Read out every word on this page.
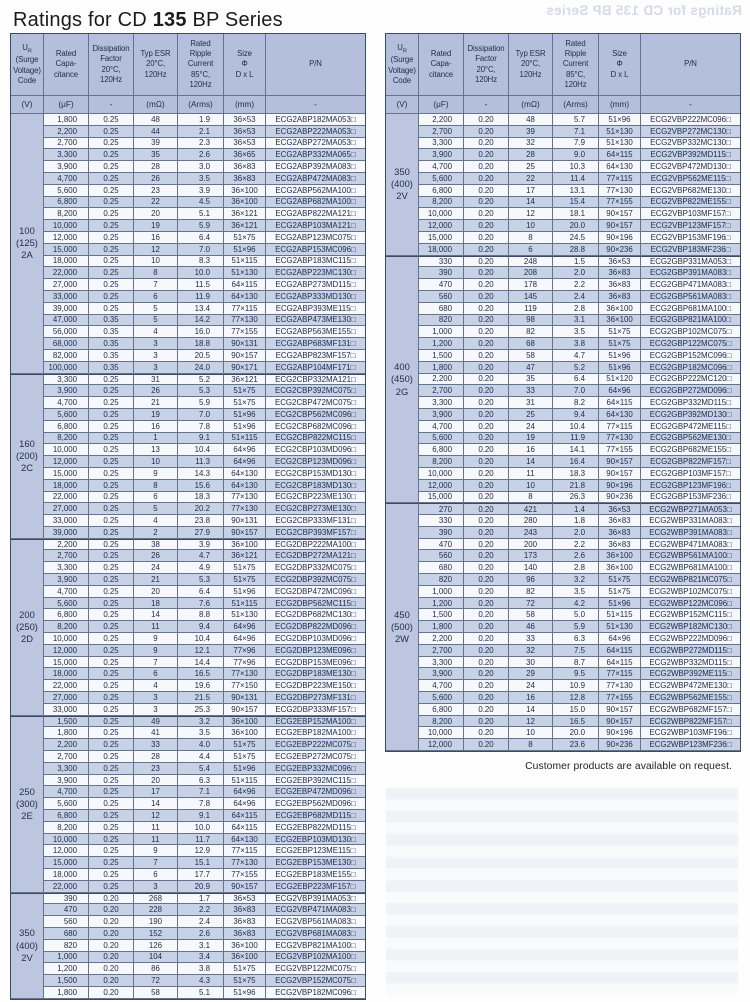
Ratings for CD 135 BP Series	Ratings for CD 135 BP Series
$U_R$
(Surge
Voltage)
Code
Rated
Capa-
citance
Dissipation
Factor
20°C,
120Hz
Typ ESR
20°C,
120Hz
Rated
Ripple
Current
85°C,
120Hz
Size
Φ
D x L
P/N
(V)	(μF)	-	(mΩ)	(Arms)	(mm)	-
100
(125)
2A
1,800	0.25	48	1.9	36×53	ECG2ABP182MA053□
2,200	0.25	44	2.1	36×53	ECG2ABP222MA053□
2,700	0.25	39	2.3	36×53	ECG2ABP272MA053□
3,300	0.25	35	2.6	36×65	ECG2ABP332MA065□
3,900	0.25	28	3.0	36×83	ECG2ABP392MA083□
4,700	0.25	26	3.5	36×83	ECG2ABP472MA083□
5,600	0.25	23	3.9	36×100	ECG2ABP562MA100□
6,800	0.25	22	4.5	36×100	ECG2ABP682MA100□
8,200	0.25	20	5.1	36×121	ECG2ABP822MA121□
10,000	0.25	19	5.9	36×121	ECG2ABP103MA121□
12,000	0.25	16	6.4	51×75	ECG2ABP123MC075□
15,000	0.25	12	7.0	51×96	ECG2ABP153MC096□
18,000	0.25	10	8.3	51×115	ECG2ABP183MC115□
22,000	0.25	8	10.0	51×130	ECG2ABP223MC130□
27,000	0.25	7	11.5	64×115	ECG2ABP273MD115□
33,000	0.25	6	11.9	64×130	ECG2ABP333MD130□
39,000	0.25	5	13.4	77×115	ECG2ABP393ME115□
47,000	0.35	5	14.2	77×130	ECG2ABP473ME130□
56,000	0.35	4	16.0	77×155	ECG2ABP563ME155□
68,000	0.35	3	18.8	90×131	ECG2ABP683MF131□
82,000	0.35	3	20.5	90×157	ECG2ABP823MF157□
100,000	0.35	3	24.0	90×171	ECG2ABP104MF171□
160
(200)
2C
3,300	0.25	31	5.2	36×121	ECG2CBP332MA121□
3,900	0.25	26	5.3	51×75	ECG2CBP392MC075□
4,700	0.25	21	5.9	51×75	ECG2CBP472MC075□
5,600	0.25	19	7.0	51×96	ECG2CBP562MC096□
6,800	0.25	16	7.8	51×96	ECG2CBP682MC096□
8,200	0.25	1	9.1	51×115	ECG2CBP822MC115□
10,000	0.25	13	10.4	64×96	ECG2CBP103MD096□
12,000	0.25	10	11.3	64×96	ECG2CBP123MD096□
15,000	0.25	9	14.3	64×130	ECG2CBP153MD130□
18,000	0.25	8	15.6	64×130	ECG2CBP183MD130□
22,000	0.25	6	18.3	77×130	ECG2CBP223ME130□
27,000	0.25	5	20.2	77×130	ECG2CBP273ME130□
33,000	0.25	4	23.8	90×131	ECG2CBP333MF131□
39,000	0.25	2	27.9	90×157	ECG2CBP393MF157□
200
(250)
2D
2,200	0.25	38	3.9	36×100	ECG2DBP222MA100□
2,700	0.25	26	4.7	36×121	ECG2DBP272MA121□
3,300	0.25	24	4.9	51×75	ECG2DBP332MC075□
3,900	0.25	21	5.3	51×75	ECG2DBP392MC075□
4,700	0.25	20	6.4	51×96	ECG2DBP472MC096□
5,600	0.25	18	7.6	51×115	ECG2DBP562MC115□
6,800	0.25	14	8.8	51×130	ECG2DBP682MC130□
8,200	0.25	11	9.4	64×96	ECG2DBP822MD096□
10,000	0.25	9	10.4	64×96	ECG2DBP103MD096□
12,000	0.25	9	12.1	77×96	ECG2DBP123ME096□
15,000	0.25	7	14.4	77×96	ECG2DBP153ME096□
18,000	0.25	6	16.5	77×130	ECG2DBP183ME130□
22,000	0.25	4	19.6	77×150	ECG2DBP223ME150□
27,000	0.25	3	21.5	90×131	ECG2DBP273MF131□
33,000	0.25	3	25.3	90×157	ECG2DBP333MF157□
250
(300)
2E
1,500	0.25	49	3.2	36×100	ECG2EBP152MA100□
1,800	0.25	41	3.5	36×100	ECG2EBP182MA100□
2,200	0.25	33	4.0	51×75	ECG2EBP222MC075□
2,700	0.25	28	4.4	51×75	ECG2EBP272MC075□
3,300	0.25	23	5.4	51×96	ECG2EBP332MC096□
3,900	0.25	20	6.3	51×115	ECG2EBP392MC115□
4,700	0.25	17	7.1	64×96	ECG2EBP472MD096□
5,600	0.25	14	7.8	64×96	ECG2EBP562MD096□
6,800	0.25	12	9.1	64×115	ECG2EBP682MD115□
8,200	0.25	11	10.0	64×115	ECG2EBP822MD115□
10,000	0.25	11	11.7	64×130	ECG2EBP103MD130□
12,000	0.25	9	12.9	77×115	ECG2EBP123ME115□
15,000	0.25	7	15.1	77×130	ECG2EBP153ME130□
18,000	0.25	6	17.7	77×155	ECG2EBP183ME155□
22,000	0.25	3	20.9	90×157	ECG2EBP223MF157□
350
(400)
2V
390	0.20	268	1.7	36×53	ECG2VBP391MA053□
470	0.20	228	2.2	36×83	ECG2VBP471MA083□
560	0.20	190	2.4	36×83	ECG2VBP561MA083□
680	0.20	152	2.6	36×83	ECG2VBP681MA083□
820	0.20	126	3.1	36×100	ECG2VBP821MA100□
1,000	0.20	104	3.4	36×100	ECG2VBP102MA100□
1,200	0.20	86	3.8	51×75	ECG2VBP122MC075□
1,500	0.20	72	4.3	51×75	ECG2VBP152MC075□
1,800	0.20	58	5.1	51×96	ECG2VBP182MC096□
$U_R$
(Surge
Voltage)
Code
Rated
Capa-
citance
Dissipation
Factor
20°C,
120Hz
Typ ESR
20°C,
120Hz
Rated
Ripple
Current
85°C,
120Hz
Size
Φ
D x L
P/N
(V)	(μF)	-	(mΩ)	(Arms)	(mm)	-
350
(400)
2V
2,200	0.20	48	5.7	51×96	ECG2VBP222MC096□
2,700	0.20	39	7.1	51×130	ECG2VBP272MC130□
3,300	0.20	32	7.9	51×130	ECG2VBP332MC130□
3,900	0.20	28	9.0	64×115	ECG2VBP392MD115□
4,700	0.20	25	10.3	64×130	ECG2VBP472MD130□
5,600	0.20	22	11.4	77×115	ECG2VBP562ME115□
6,800	0.20	17	13.1	77×130	ECG2VBP682ME130□
8,200	0.20	14	15.4	77×155	ECG2VBP822ME155□
10,000	0.20	12	18.1	90×157	ECG2VBP103MF157□
12,000	0.20	10	20.0	90×157	ECG2VBP123MF157□
15,000	0.20	8	24.5	90×196	ECG2VBP153MF196□
18,000	0.20	6	28.8	90×236	ECG2VBP183MF236□
400
(450)
2G
330	0.20	248	1.5	36×53	ECG2GBP331MA053□
390	0.20	208	2.0	36×83	ECG2GBP391MA083□
470	0.20	178	2.2	36×83	ECG2GBP471MA083□
560	0.20	145	2.4	36×83	ECG2GBP561MA083□
680	0.20	119	2.8	36×100	ECG2GBP681MA100□
820	0.20	98	3.1	36×100	ECG2GBP821MA100□
1,000	0.20	82	3.5	51×75	ECG2GBP102MC075□
1,200	0.20	68	3.8	51×75	ECG2GBP122MC075□
1,500	0.20	58	4.7	51×96	ECG2GBP152MC096□
1,800	0.20	47	5.2	51×96	ECG2GBP182MC096□
2,200	0.20	35	6.4	51×120	ECG2GBP222MC120□
2,700	0.20	33	7.0	64×96	ECG2GBP272MD096□
3,300	0.20	31	8.2	64×115	ECG2GBP332MD115□
3,900	0.20	25	9.4	64×130	ECG2GBP392MD130□
4,700	0.20	24	10.4	77×115	ECG2GBP472ME115□
5,600	0.20	19	11.9	77×130	ECG2GBP562ME130□
6,800	0.20	16	14.1	77×155	ECG2GBP682ME155□
8,200	0.20	14	16.4	90×157	ECG2GBP822MF157□
10,000	0.20	11	18.3	90×157	ECG2GBP103MF157□
12,000	0.20	10	21.8	90×196	ECG2GBP123MF196□
15,000	0.20	8	26.3	90×236	ECG2GBP153MF236□
450
(500)
2W
270	0.20	421	1.4	36×53	ECG2WBP271MA053□
330	0.20	280	1.8	36×83	ECG2WBP331MA083□
390	0.20	243	2.0	36×83	ECG2WBP391MA083□
470	0.20	200	2.2	36×83	ECG2WBP471MA083□
560	0.20	173	2.6	36×100	ECG2WBP561MA100□
680	0.20	140	2.8	36×100	ECG2WBP681MA100□
820	0.20	96	3.2	51×75	ECG2WBP821MC075□
1,000	0.20	82	3.5	51×75	ECG2WBP102MC075□
1,200	0.20	72	4.2	51×96	ECG2WBP122MC096□
1,500	0.20	58	5.0	51×115	ECG2WBP152MC115□
1,800	0.20	46	5.9	51×130	ECG2WBP182MC130□
2,200	0.20	33	6.3	64×96	ECG2WBP222MD096□
2,700	0.20	32	7.5	64×115	ECG2WBP272MD115□
3,300	0.20	30	8.7	64×115	ECG2WBP332MD115□
3,900	0.20	29	9.5	77×115	ECG2WBP392ME115□
4,700	0.20	24	10.9	77×130	ECG2WBP472ME130□
5,600	0.20	16	12.8	77×155	ECG2WBP562ME155□
6,800	0.20	14	15.0	90×157	ECG2WBP682MF157□
8,200	0.20	12	16.5	90×157	ECG2WBP822MF157□
10,000	0.20	10	20.0	90×196	ECG2WBP103MF196□
12,000	0.20	8	23.6	90×236	ECG2WBP123MF236□
Customer products are available on request.
